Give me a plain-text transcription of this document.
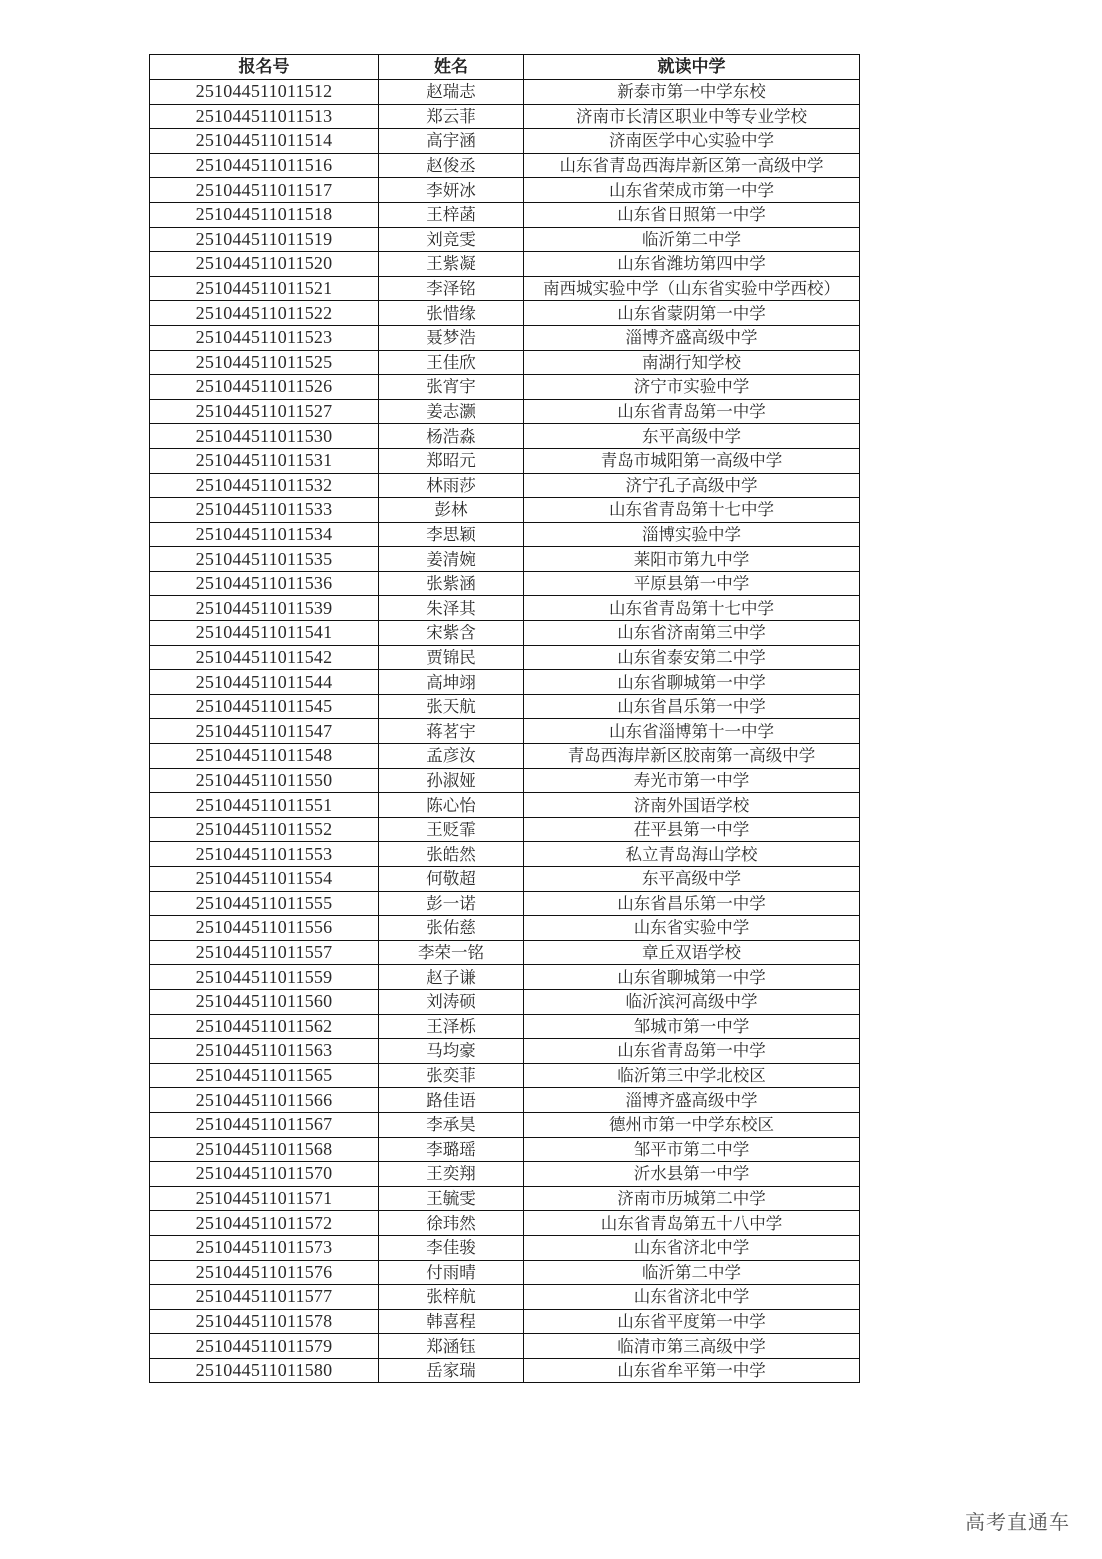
报名号	姓名	就读中学
251044511011512	赵瑞志	新泰市第一中学东校
251044511011513	郑云菲	济南市长清区职业中等专业学校
251044511011514	高宇涵	济南医学中心实验中学
251044511011516	赵俊丞	山东省青岛西海岸新区第一高级中学
251044511011517	李妍冰	山东省荣成市第一中学
251044511011518	王梓菡	山东省日照第一中学
251044511011519	刘竞雯	临沂第二中学
251044511011520	王紫凝	山东省潍坊第四中学
251044511011521	李泽铭	南西城实验中学（山东省实验中学西校）
251044511011522	张惜缘	山东省蒙阴第一中学
251044511011523	聂梦浩	淄博齐盛高级中学
251044511011525	王佳欣	南湖行知学校
251044511011526	张宵宇	济宁市实验中学
251044511011527	姜志灏	山东省青岛第一中学
251044511011530	杨浩淼	东平高级中学
251044511011531	郑昭元	青岛市城阳第一高级中学
251044511011532	林雨莎	济宁孔子高级中学
251044511011533	彭林	山东省青岛第十七中学
251044511011534	李思颖	淄博实验中学
251044511011535	姜清婉	莱阳市第九中学
251044511011536	张紫涵	平原县第一中学
251044511011539	朱泽其	山东省青岛第十七中学
251044511011541	宋紫含	山东省济南第三中学
251044511011542	贾锦民	山东省泰安第二中学
251044511011544	高坤翊	山东省聊城第一中学
251044511011545	张天航	山东省昌乐第一中学
251044511011547	蒋茗宇	山东省淄博第十一中学
251044511011548	孟彦汝	青岛西海岸新区胶南第一高级中学
251044511011550	孙淑娅	寿光市第一中学
251044511011551	陈心怡	济南外国语学校
251044511011552	王贬霏	茌平县第一中学
251044511011553	张皓然	私立青岛海山学校
251044511011554	何敬超	东平高级中学
251044511011555	彭一诺	山东省昌乐第一中学
251044511011556	张佑慈	山东省实验中学
251044511011557	李荣一铭	章丘双语学校
251044511011559	赵子谦	山东省聊城第一中学
251044511011560	刘涛硕	临沂滨河高级中学
251044511011562	王泽栎	邹城市第一中学
251044511011563	马均豪	山东省青岛第一中学
251044511011565	张奕菲	临沂第三中学北校区
251044511011566	路佳语	淄博齐盛高级中学
251044511011567	李承昊	德州市第一中学东校区
251044511011568	李璐瑶	邹平市第二中学
251044511011570	王奕翔	沂水县第一中学
251044511011571	王毓雯	济南市历城第二中学
251044511011572	徐玮然	山东省青岛第五十八中学
251044511011573	李佳骏	山东省济北中学
251044511011576	付雨晴	临沂第二中学
251044511011577	张梓航	山东省济北中学
251044511011578	韩喜程	山东省平度第一中学
251044511011579	郑涵钰	临清市第三高级中学
251044511011580	岳家瑞	山东省牟平第一中学
高考直通车
